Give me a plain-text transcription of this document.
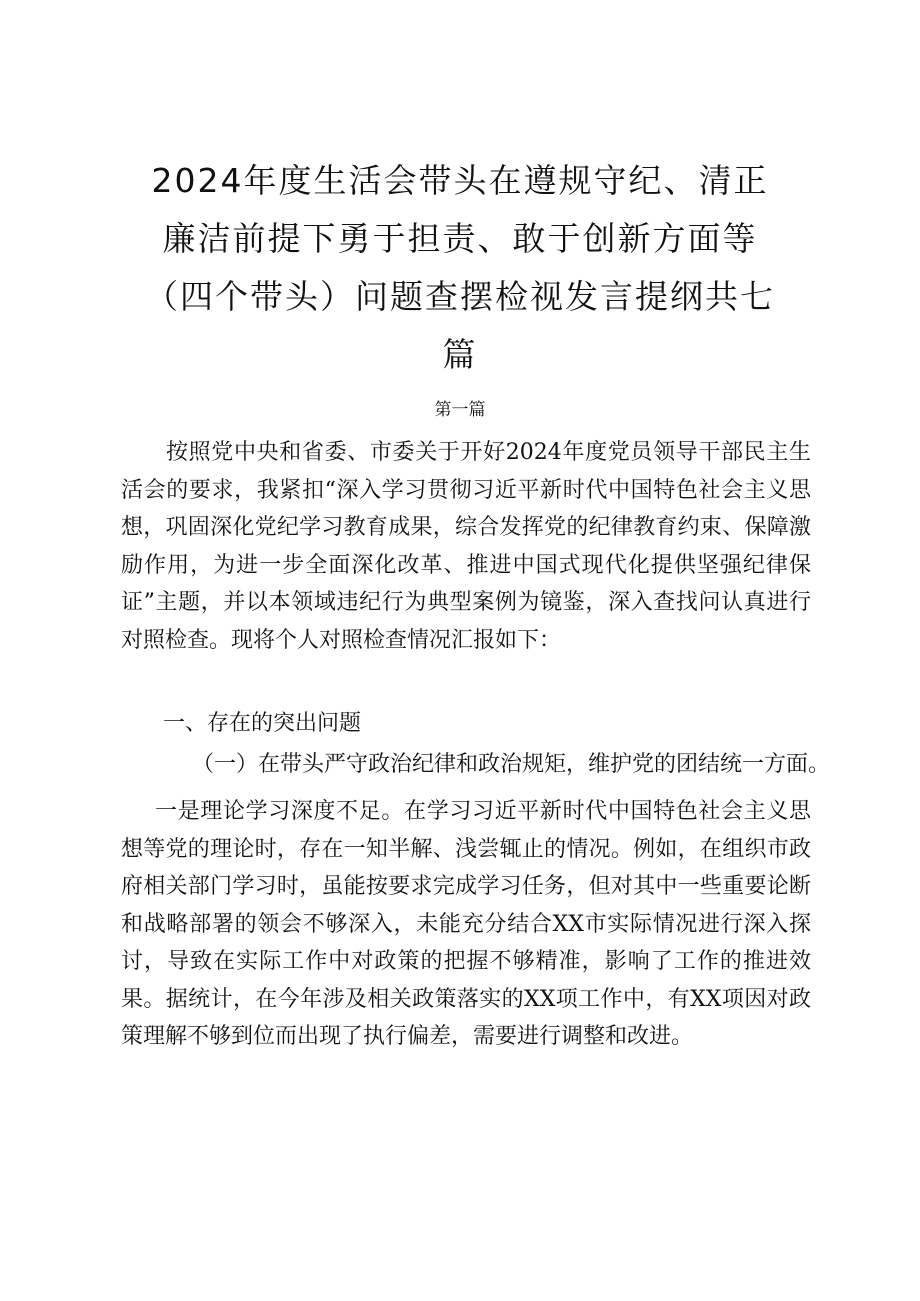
2024年度生活会带头在遵规守纪、清正廉洁前提下勇于担责、敢于创新方面等（四个带头）问题查摆检视发言提纲共七篇
第一篇

按照党中央和省委、市委关于开好2024年度党员领导干部民主生活会的要求，我紧扣“深入学习贯彻习近平新时代中国特色社会主义思想，巩固深化党纪学习教育成果，综合发挥党的纪律教育约束、保障激励作用，为进一步全面深化改革、推进中国式现代化提供坚强纪律保证”主题，并以本领域违纪行为典型案例为镜鉴，深入查找问认真进行对照检查。现将个人对照检查情况汇报如下：

一、存在的突出问题
（一）在带头严守政治纪律和政治规矩，维护党的团结统一方面。

一是理论学习深度不足。在学习习近平新时代中国特色社会主义思想等党的理论时，存在一知半解、浅尝辄止的情况。例如，在组织市政府相关部门学习时，虽能按要求完成学习任务，但对其中一些重要论断和战略部署的领会不够深入，未能充分结合XX市实际情况进行深入探讨，导致在实际工作中对政策的把握不够精准，影响了工作的推进效果。据统计，在今年涉及相关政策落实的XX项工作中，有XX项因对政策理解不够到位而出现了执行偏差，需要进行调整和改进。
